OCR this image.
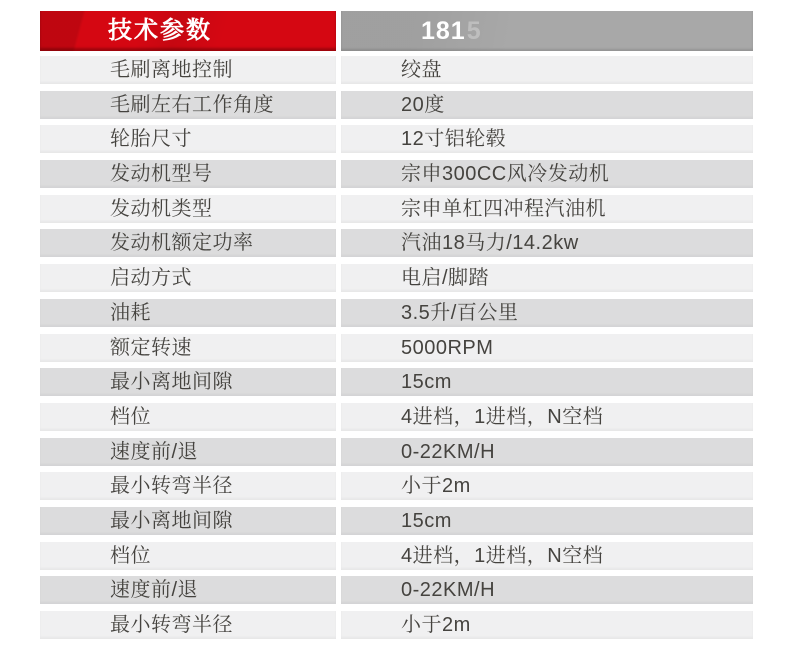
技术参数	181 5
毛刷离地控制	绞盘
毛刷左右工作角度	20度
轮胎尺寸	12寸铝轮毂
发动机型号	宗申300CC风冷发动机
发动机类型	宗申单杠四冲程汽油机
发动机额定功率	汽油18马力/14.2kw
启动方式	电启/脚踏
油耗	3.5升/百公里
额定转速	5000RPM
最小离地间隙	15cm
档位	4进档，1进档，N空档
速度前/退	0-22KM/H
最小转弯半径	小于2m
最小离地间隙	15cm
档位	4进档，1进档，N空档
速度前/退	0-22KM/H
最小转弯半径	小于2m
